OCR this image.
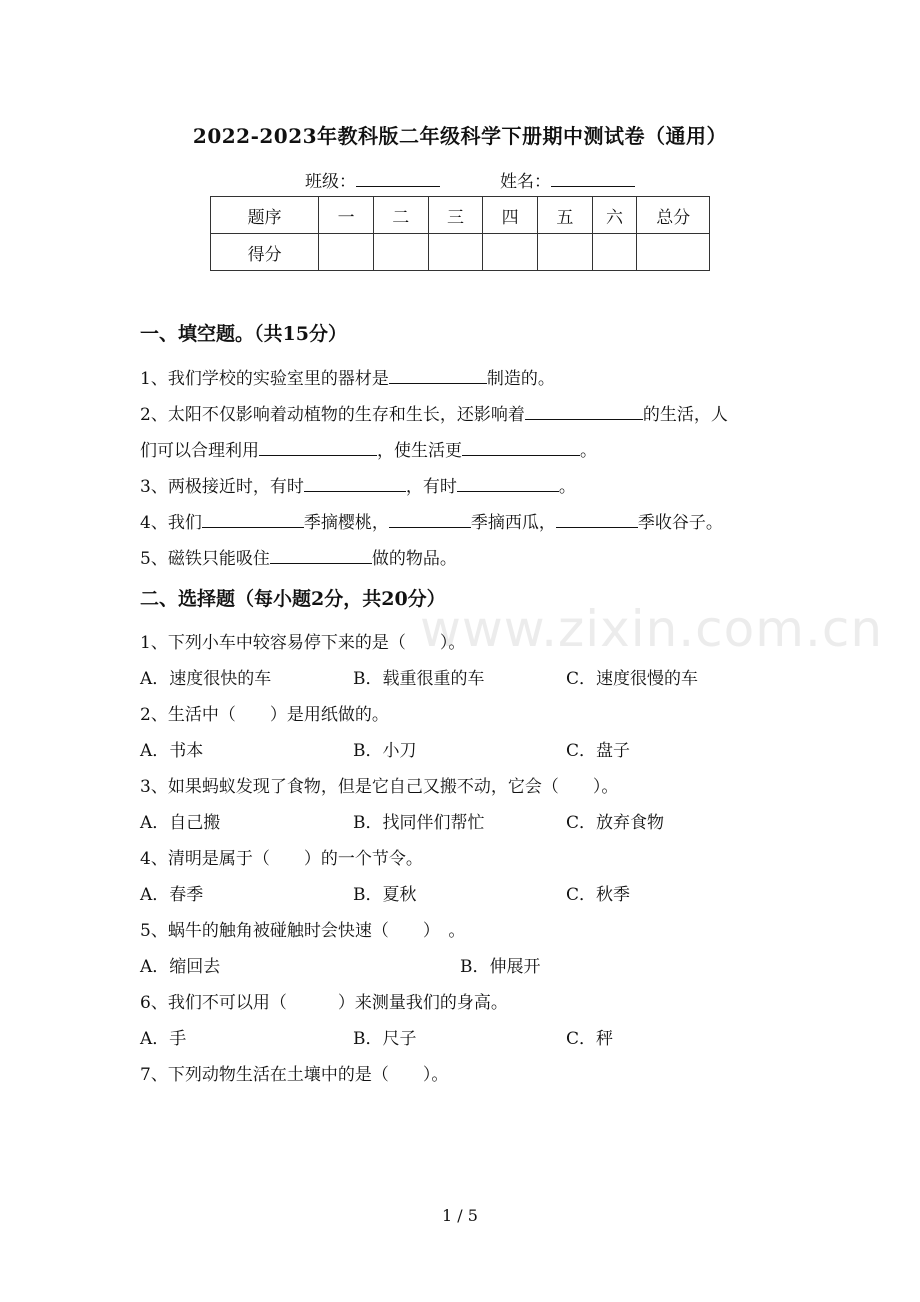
www.zixin.com.cn
2022-2023年教科版二年级科学下册期中测试卷（通用）
班级：	姓名：
题序	一	二	三	四	五	六	总分
得分							
一、填空题。（共15分）
1、我们学校的实验室里的器材是	制造的。
2、太阳不仅影响着动植物的生存和生长，还影响着	的生活，人
们可以合理利用	，使生活更	。
3、两极接近时，有时	，有时	。
4、我们	季摘樱桃，	季摘西瓜，	季收谷子。
5、磁铁只能吸住	做的物品。
二、选择题（每小题2分，共20分）
1、下列小车中较容易停下来的是（　　）。
A．速度很快的车	B．载重很重的车	C．速度很慢的车
2、生活中（　　）是用纸做的。
A．书本	B．小刀	C．盘子
3、如果蚂蚁发现了食物，但是它自己又搬不动，它会（　　）。
A．自己搬	B．找同伴们帮忙	C．放弃食物
4、清明是属于（　　）的一个节令。
A．春季	B．夏秋	C．秋季
5、蜗牛的触角被碰触时会快速（　　）　。
A．缩回去	B．伸展开
6、我们不可以用（　　　）来测量我们的身高。
A．手	B．尺子	C．秤
7、下列动物生活在土壤中的是（　　）。
1 / 5
